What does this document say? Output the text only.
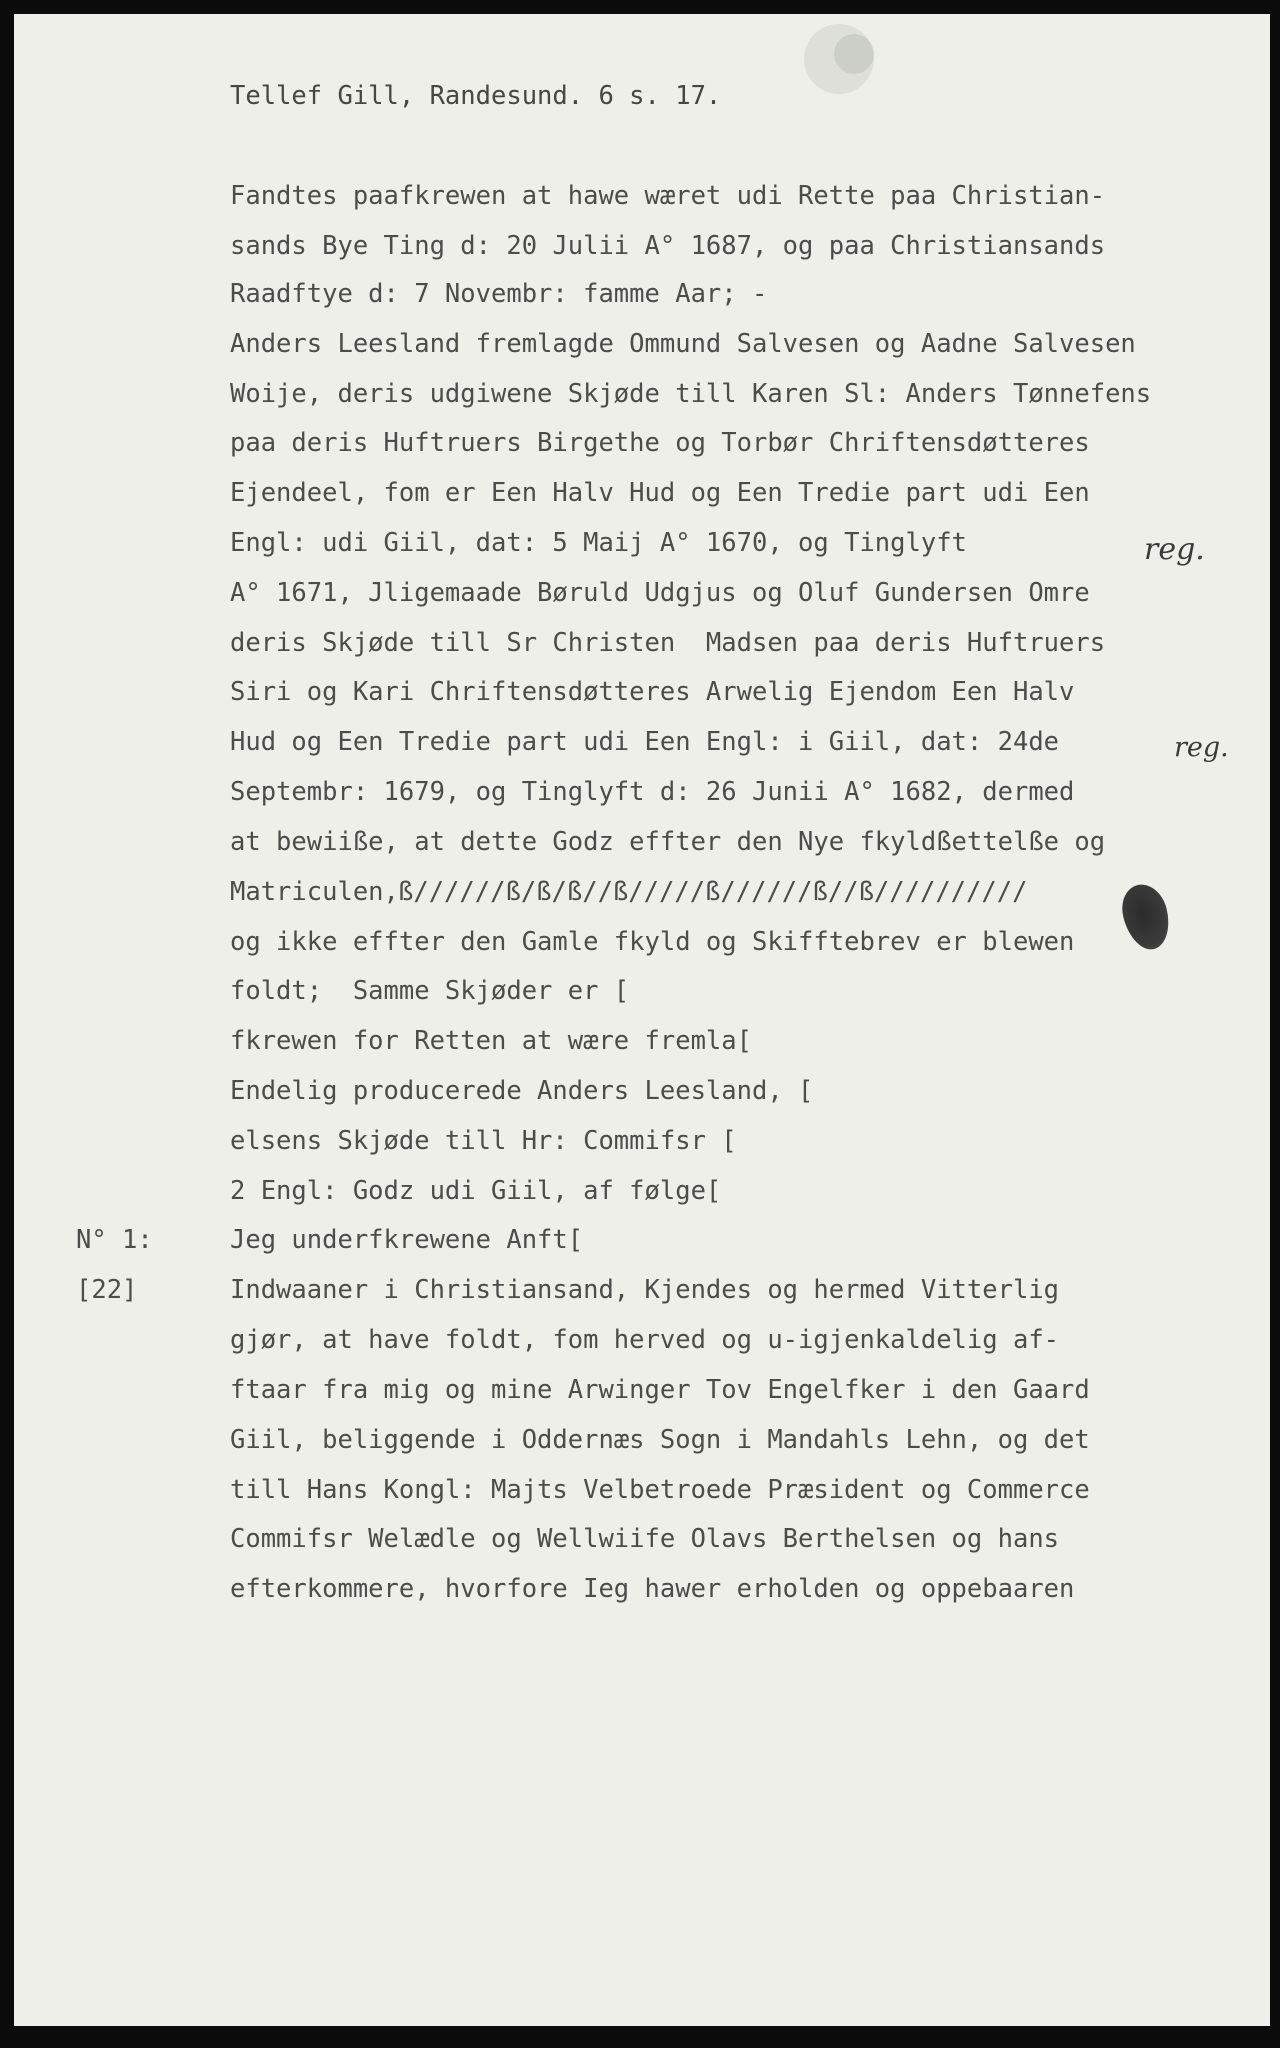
Tellef Gill, Randesund. 6 s. 17.
Fandtes paafkrewen at hawe wæret udi Rette paa Christian-
sands Bye Ting d: 20 Julii A° 1687, og paa Christiansands
Raadftye d: 7 Novembr: famme Aar; -
Anders Leesland fremlagde Ommund Salvesen og Aadne Salvesen
Woije, deris udgiwene Skjøde till Karen Sl: Anders Tønnefens
paa deris Huftruers Birgethe og Torbør Chriftensdøtteres
Ejendeel, fom er Een Halv Hud og Een Tredie part udi Een
Engl: udi Giil, dat: 5 Maij A° 1670, og Tinglyft
A° 1671, Jligemaade Børuld Udgjus og Oluf Gundersen Omre
deris Skjøde till Sr Christen  Madsen paa deris Huftruers
Siri og Kari Chriftensdøtteres Arwelig Ejendom Een Halv
Hud og Een Tredie part udi Een Engl: i Giil, dat: 24de
Septembr: 1679, og Tinglyft d: 26 Junii A° 1682, dermed
at bewiiße, at dette Godz effter den Nye fkyldßettelße og
Matriculen, ß//////ß/ß/ß//ß/////ß//////ß//ß//////////
og ikke effter den Gamle fkyld og Skifftebrev er blewen
foldt;  Samme Skjøder er [
fkrewen for Retten at wære fremla[
Endelig producerede Anders Leesland, [
elsens Skjøde till Hr: Commifsr [
2 Engl: Godz udi Giil, af følge[
Jeg underfkrewene Anft[
Indwaaner i Christiansand, Kjendes og hermed Vitterlig
gjør, at have foldt, fom herved og u-igjenkaldelig af-
ftaar fra mig og mine Arwinger Tov Engelfker i den Gaard
Giil, beliggende i Oddernæs Sogn i Mandahls Lehn, og det
till Hans Kongl: Majts Velbetroede Præsident og Commerce
Commifsr Welædle og Wellwiife Olavs Berthelsen og hans
efterkommere, hvorfore Ieg hawer erholden og oppebaaren
N° 1:
[22]
reg.
reg.
